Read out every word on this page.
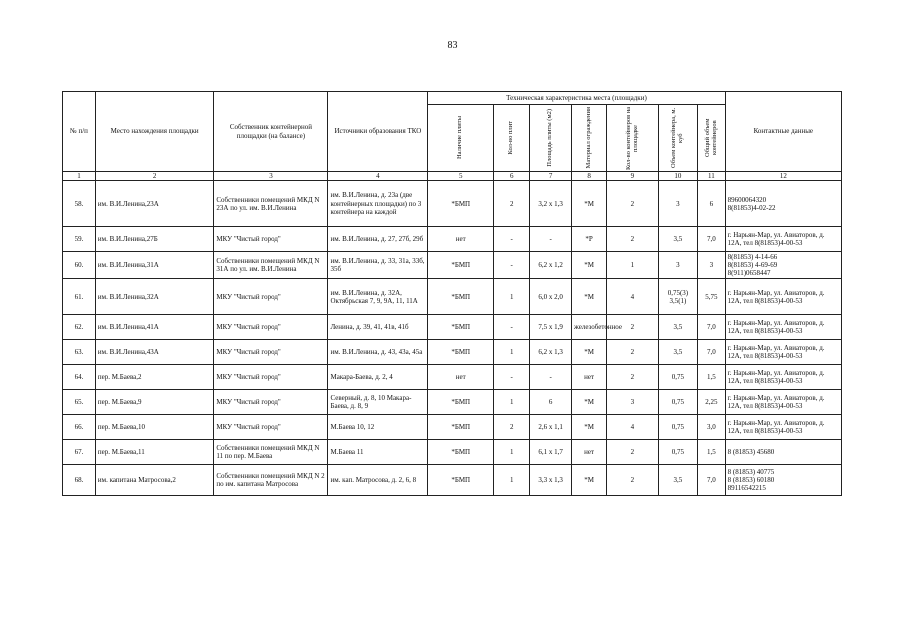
83
№ п/п	Место нахождения площадки	Собственник контейнерной площадки (на балансе)	Источники образования ТКО	Техническая характеристика места (площадки)							Контактные данные

				Наличие плиты	Кол-во плит	Площадь плиты (м2)	Материал ограждения	Кол-во контейнеров на площадке	Объем контейнера, м. куб	Общий объем контейнеров	

1	2	3	4	5	6	7	8	9	10	11	12

58.	им. В.И.Ленина,23А	Собственники помещений МКД N 23А по ул. им. В.И.Ленина	им. В.И.Ленина, д. 23а (две контейнерных площадки) по 3 контейнера на каждой	*БМП	2	3,2 х 1,3	*М	2	3	6	89600064320
8(81853)4-02-22

59.	им. В.И.Ленина,27Б	МКУ "Чистый город"	им. В.И.Ленина, д. 27, 27б, 29б	нет	-	-	*Р	2	3,5	7,0	г. Нарьян-Мар, ул. Авиаторов, д. 12А, тел 8(81853)4-00-53

60.	им. В.И.Ленина,31А	Собственники помещений МКД N 31А по ул. им. В.И.Ленина	им. В.И.Ленина, д. 33, 31а, 33б, 35б	*БМП	-	6,2 х 1,2	*М	1	3	3	8(81853) 4-14-66
8(81853) 4-69-69
8(911)0658447

61.	им. В.И.Ленина,32А	МКУ "Чистый город"	им. В.И.Ленина, д. 32А, Октябрьская 7, 9, 9А, 11, 11А	*БМП	1	6,0 х 2,0	*М	4	0,75(3)
3,5(1)	5,75	г. Нарьян-Мар, ул. Авиаторов, д. 12А, тел 8(81853)4-00-53

62.	им. В.И.Ленина,41А	МКУ "Чистый город"	Ленина, д. 39, 41, 41в, 41б	*БМП	-	7,5 х 1,9	железобетонное	2	3,5	7,0	г. Нарьян-Мар, ул. Авиаторов, д. 12А, тел 8(81853)4-00-53

63.	им. В.И.Ленина,43А	МКУ "Чистый город"	им. В.И.Ленина, д. 43, 43а, 45а	*БМП	1	6,2 х 1,3	*М	2	3,5	7,0	г. Нарьян-Мар, ул. Авиаторов, д. 12А, тел 8(81853)4-00-53

64.	пер. М.Баева,2	МКУ "Чистый город"	Макара-Баева, д. 2, 4	нет	-	-	нет	2	0,75	1,5	г. Нарьян-Мар, ул. Авиаторов, д. 12А, тел 8(81853)4-00-53

65.	пер. М.Баева,9	МКУ "Чистый город"	Северный, д. 8, 10 Макара-Баева, д. 8, 9	*БМП	1	6	*М	3	0,75	2,25	г. Нарьян-Мар, ул. Авиаторов, д. 12А, тел 8(81853)4-00-53

66.	пер. М.Баева,10	МКУ "Чистый город"	М.Баева 10, 12	*БМП	2	2,6 х 1,1	*М	4	0,75	3,0	г. Нарьян-Мар, ул. Авиаторов, д. 12А, тел 8(81853)4-00-53

67.	пер. М.Баева,11	Собственники помещений МКД N 11 по пер. М.Баева	М.Баева 11	*БМП	1	6,1 х 1,7	нет	2	0,75	1,5	8 (81853) 45680

68.	им. капитана Матросова,2	Собственники помещений МКД N 2 по им. капитана Матросова	им. кап. Матросова, д. 2, 6, 8	*БМП	1	3,3 х 1,3	*М	2	3,5	7,0	8 (81853) 40775
8 (81853) 60180
89116542215
